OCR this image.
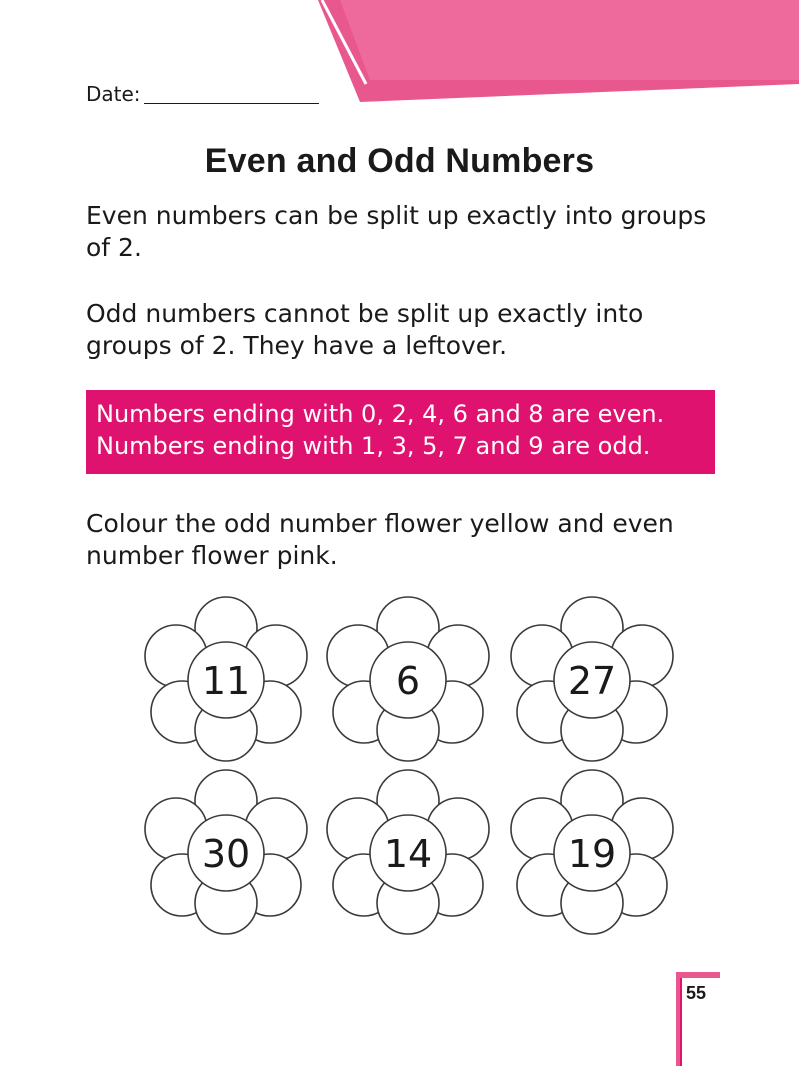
Date:
Even and Odd Numbers

Even numbers can be split up exactly into groups of 2.

Odd numbers cannot be split up exactly into groups of 2. They have a leftover.

Numbers ending with 0, 2, 4, 6 and 8 are even.
Numbers ending with 1, 3, 5, 7 and 9 are odd.

Colour the odd number flower yellow and even number flower pink.

11	6	27
30	14	19
55
